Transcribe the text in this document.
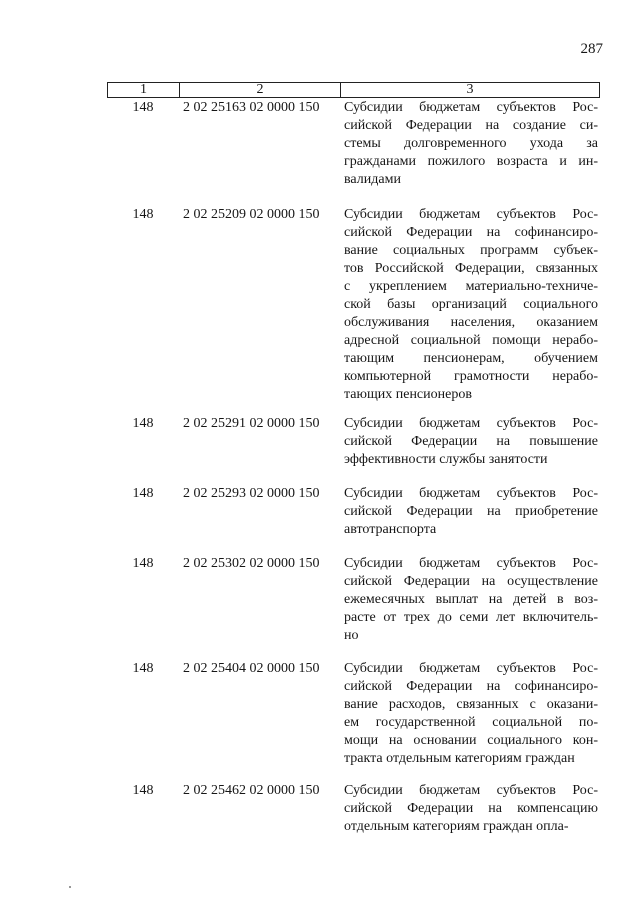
287
1	2	3
148	2 02 25163 02 0000 150	Субсидии бюджетам субъектов Рос-
сийской Федерации на создание си-
стемы долговременного ухода за
гражданами пожилого возраста и ин-
валидами
148	2 02 25209 02 0000 150	Субсидии бюджетам субъектов Рос-
сийской Федерации на софинансиро-
вание социальных программ субъек-
тов Российской Федерации, связанных
с укреплением материально-техниче-
ской базы организаций социального
обслуживания населения, оказанием
адресной социальной помощи нерабо-
тающим пенсионерам, обучением
компьютерной грамотности нерабо-
тающих пенсионеров
148	2 02 25291 02 0000 150	Субсидии бюджетам субъектов Рос-
сийской Федерации на повышение
эффективности службы занятости
148	2 02 25293 02 0000 150	Субсидии бюджетам субъектов Рос-
сийской Федерации на приобретение
автотранспорта
148	2 02 25302 02 0000 150	Субсидии бюджетам субъектов Рос-
сийской Федерации на осуществление
ежемесячных выплат на детей в воз-
расте от трех до семи лет включитель-
но
148	2 02 25404 02 0000 150	Субсидии бюджетам субъектов Рос-
сийской Федерации на софинансиро-
вание расходов, связанных с оказани-
ем государственной социальной по-
мощи на основании социального кон-
тракта отдельным категориям граждан
148	2 02 25462 02 0000 150	Субсидии бюджетам субъектов Рос-
сийской Федерации на компенсацию
отдельным категориям граждан опла-
